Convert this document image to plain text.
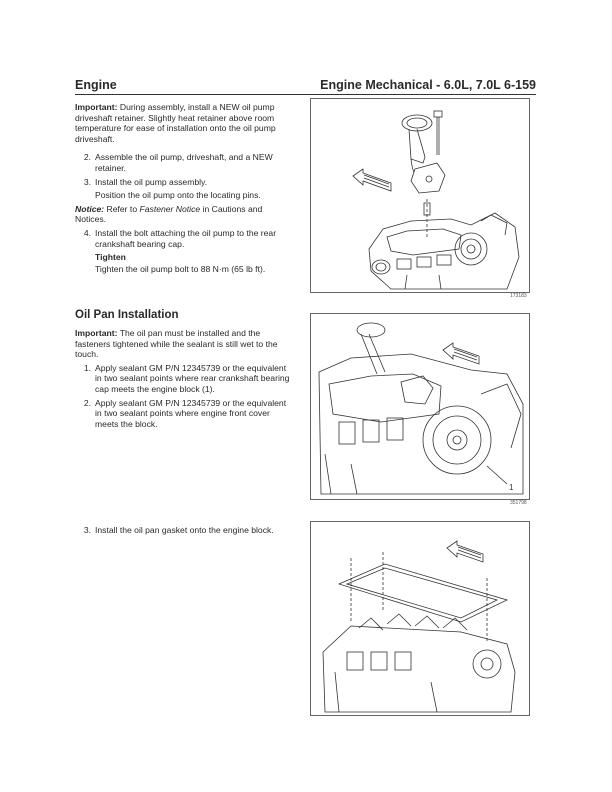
Engine	Engine Mechanical - 6.0L, 7.0L 6-159

Important: During assembly, install a NEW oil pump driveshaft retainer. Slightly heat retainer above room temperature for ease of installation onto the oil pump driveshaft.

2. Assemble the oil pump, driveshaft, and a NEW retainer.
3. Install the oil pump assembly.
Position the oil pump onto the locating pins.

Notice: Refer to Fastener Notice in Cautions and Notices.

4. Install the bolt attaching the oil pump to the rear crankshaft bearing cap.
Tighten
Tighten the oil pump bolt to 88 N·m (65 lb ft).
Oil Pan Installation

Important: The oil pan must be installed and the fasteners tightened while the sealant is still wet to the touch.

1. Apply sealant GM P/N 12345739 or the equivalent in two sealant points where rear crankshaft bearing cap meets the engine block (1).
2. Apply sealant GM P/N 12345739 or the equivalent in two sealant points where engine front cover meets the block.
3. Install the oil pan gasket onto the engine block.
173183
1
351798
